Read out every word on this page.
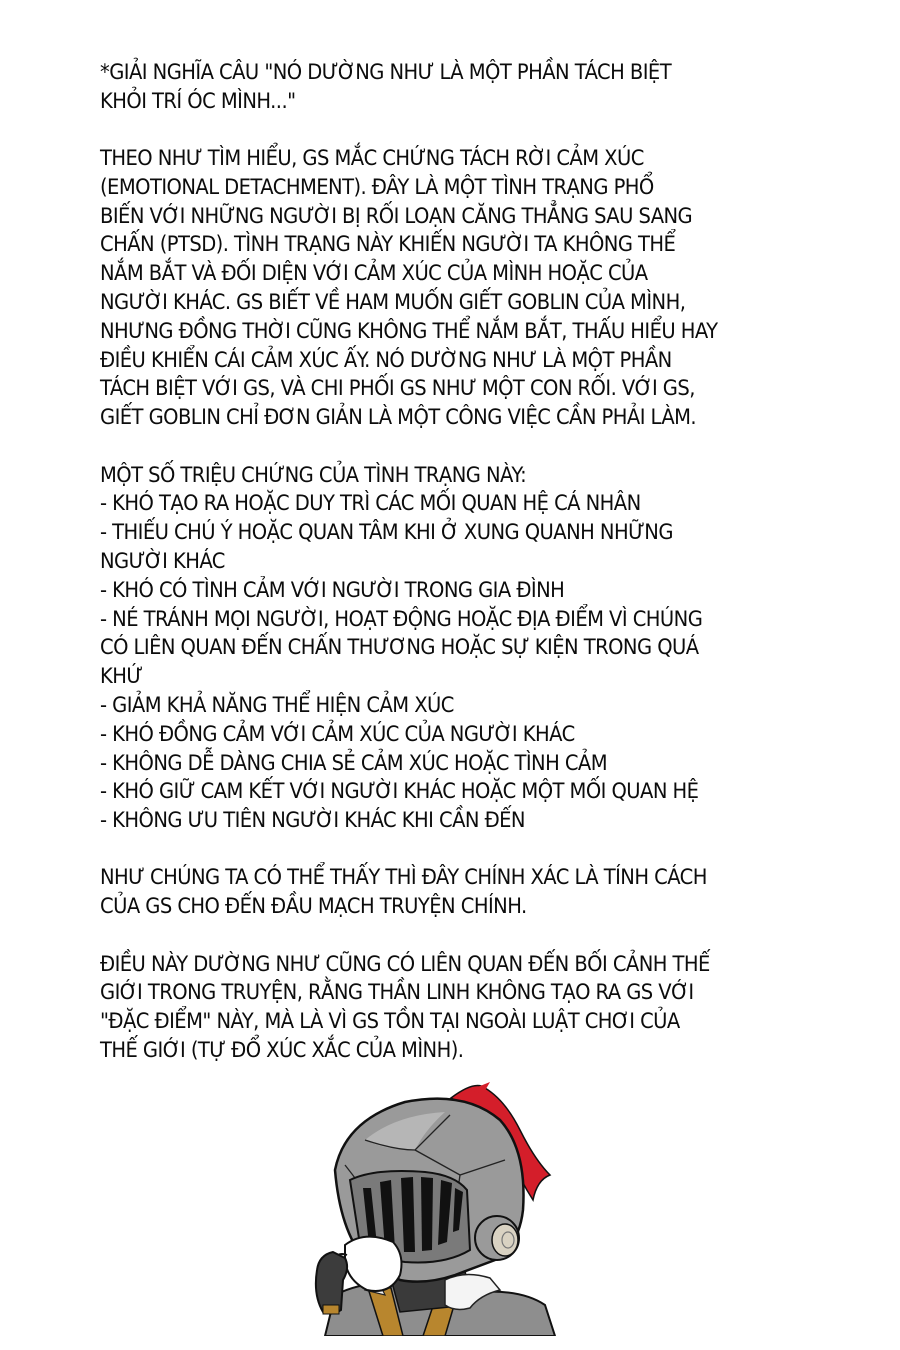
*GIẢI NGHĨA CÂU "NÓ DƯỜNG NHƯ LÀ MỘT PHẦN TÁCH BIỆT
KHỎI TRÍ ÓC MÌNH..."
THEO NHƯ TÌM HIỂU, GS MẮC CHỨNG TÁCH RỜI CẢM XÚC
(EMOTIONAL DETACHMENT). ĐÂY LÀ MỘT TÌNH TRẠNG PHỔ
BIẾN VỚI NHỮNG NGƯỜI BỊ RỐI LOẠN CĂNG THẲNG SAU SANG
CHẤN (PTSD). TÌNH TRẠNG NÀY KHIẾN NGƯỜI TA KHÔNG THỂ
NẮM BẮT VÀ ĐỐI DIỆN VỚI CẢM XÚC CỦA MÌNH HOẶC CỦA
NGƯỜI KHÁC. GS BIẾT VỀ HAM MUỐN GIẾT GOBLIN CỦA MÌNH,
NHƯNG ĐỒNG THỜI CŨNG KHÔNG THỂ NẮM BẮT, THẤU HIỂU HAY
ĐIỀU KHIỂN CÁI CẢM XÚC ẤY. NÓ DƯỜNG NHƯ LÀ MỘT PHẦN
TÁCH BIỆT VỚI GS, VÀ CHI PHỐI GS NHƯ MỘT CON RỐI. VỚI GS,
GIẾT GOBLIN CHỈ ĐƠN GIẢN LÀ MỘT CÔNG VIỆC CẦN PHẢI LÀM.
MỘT SỐ TRIỆU CHỨNG CỦA TÌNH TRẠNG NÀY:
- KHÓ TẠO RA HOẶC DUY TRÌ CÁC MỐI QUAN HỆ CÁ NHÂN
- THIẾU CHÚ Ý HOẶC QUAN TÂM KHI Ở XUNG QUANH NHỮNG
NGƯỜI KHÁC
- KHÓ CÓ TÌNH CẢM VỚI NGƯỜI TRONG GIA ĐÌNH
- NÉ TRÁNH MỌI NGƯỜI, HOẠT ĐỘNG HOẶC ĐỊA ĐIỂM VÌ CHÚNG
CÓ LIÊN QUAN ĐẾN CHẤN THƯƠNG HOẶC SỰ KIỆN TRONG QUÁ
KHỨ
- GIẢM KHẢ NĂNG THỂ HIỆN CẢM XÚC
- KHÓ ĐỒNG CẢM VỚI CẢM XÚC CỦA NGƯỜI KHÁC
- KHÔNG DỄ DÀNG CHIA SẺ CẢM XÚC HOẶC TÌNH CẢM
- KHÓ GIỮ CAM KẾT VỚI NGƯỜI KHÁC HOẶC MỘT MỐI QUAN HỆ
- KHÔNG ƯU TIÊN NGƯỜI KHÁC KHI CẦN ĐẾN
NHƯ CHÚNG TA CÓ THỂ THẤY THÌ ĐÂY CHÍNH XÁC LÀ TÍNH CÁCH
CỦA GS CHO ĐẾN ĐẦU MẠCH TRUYỆN CHÍNH.
ĐIỀU NÀY DƯỜNG NHƯ CŨNG CÓ LIÊN QUAN ĐẾN BỐI CẢNH THẾ
GIỚI TRONG TRUYỆN, RẰNG THẦN LINH KHÔNG TẠO RA GS VỚI
"ĐẶC ĐIỂM" NÀY, MÀ LÀ VÌ GS TỒN TẠI NGOÀI LUẬT CHƠI CỦA
THẾ GIỚI (TỰ ĐỔ XÚC XẮC CỦA MÌNH).
